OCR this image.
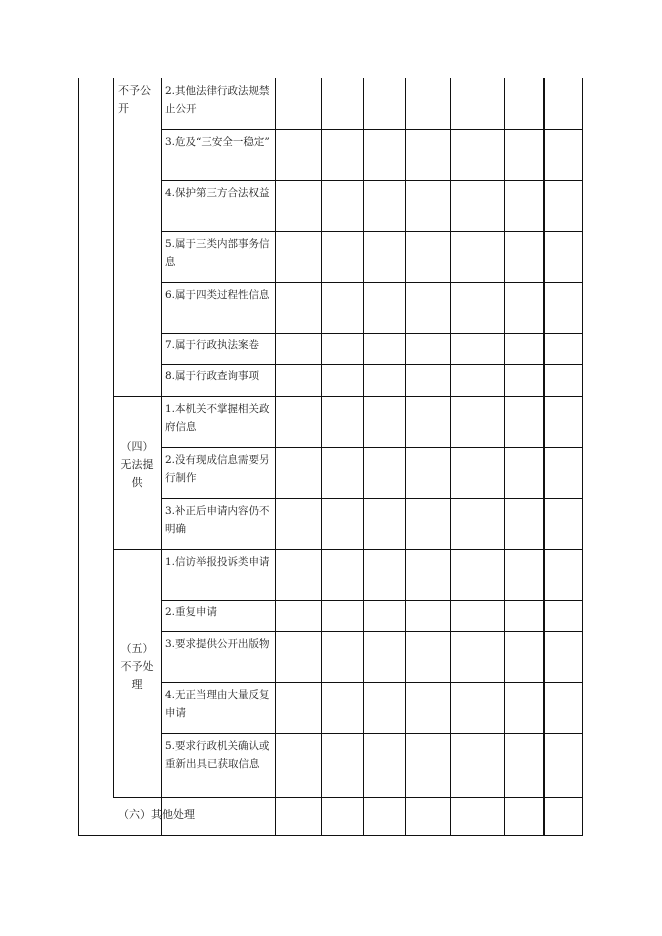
不予公开
（四）无法提供
（五）不予处理
2.其他法律行政法规禁止公开
3.危及“三安全一稳定”
4.保护第三方合法权益
5.属于三类内部事务信息
6.属于四类过程性信息
7.属于行政执法案卷
8.属于行政查询事项
1.本机关不掌握相关政府信息
2.没有现成信息需要另行制作
3.补正后申请内容仍不明确
1.信访举报投诉类申请
2.重复申请
3.要求提供公开出版物
4.无正当理由大量反复申请
5.要求行政机关确认或重新出具已获取信息
（六）其他处理
